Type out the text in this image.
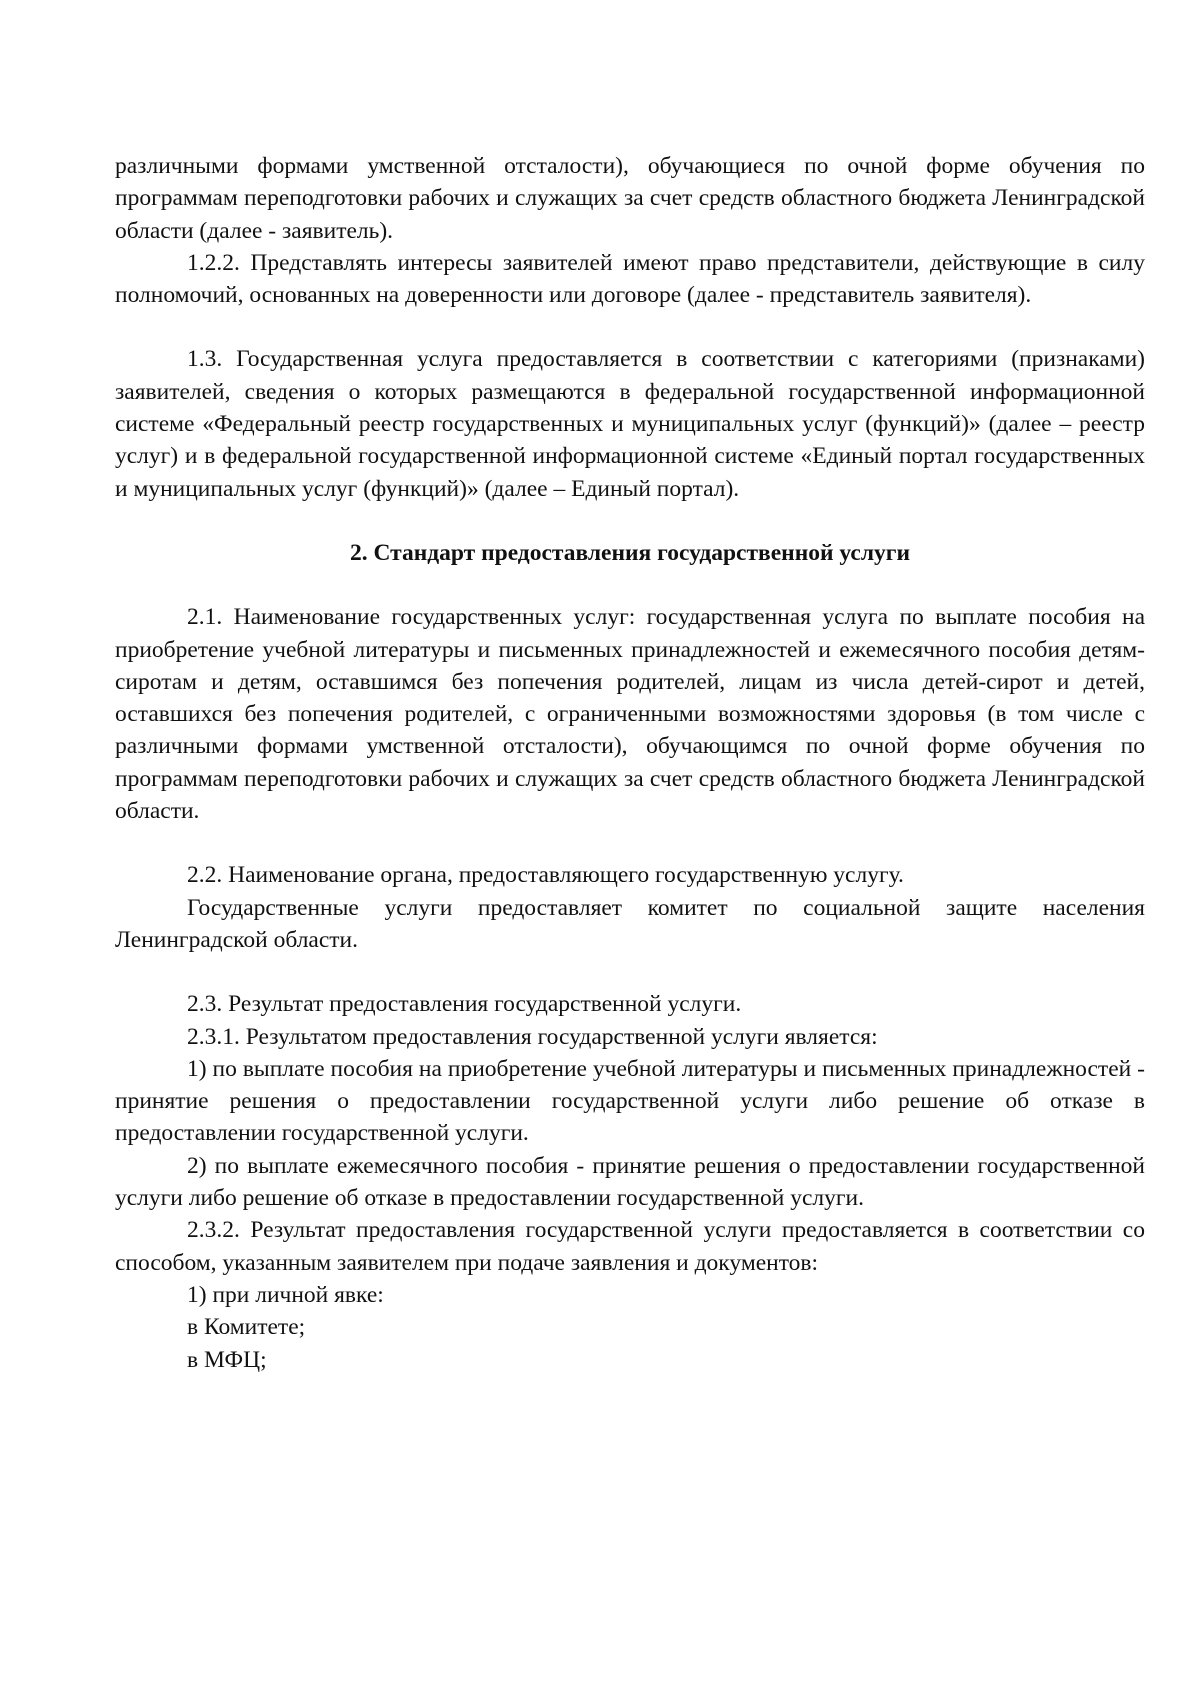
различными формами умственной отсталости), обучающиеся по очной форме обучения по программам переподготовки рабочих и служащих за счет средств областного бюджета Ленинградской области (далее - заявитель).

1.2.2. Представлять интересы заявителей имеют право представители, действующие в силу полномочий, основанных на доверенности или договоре (далее - представитель заявителя).

1.3. Государственная услуга предоставляется в соответствии с категориями (признаками) заявителей, сведения о которых размещаются в федеральной государственной информационной системе «Федеральный реестр государственных и муниципальных услуг (функций)» (далее – реестр услуг) и в федеральной государственной информационной системе «Единый портал государственных и муниципальных услуг (функций)» (далее – Единый портал).

2. Стандарт предоставления государственной услуги

2.1. Наименование государственных услуг: государственная услуга по выплате пособия на приобретение учебной литературы и письменных принадлежностей и ежемесячного пособия детям-сиротам и детям, оставшимся без попечения родителей, лицам из числа детей-сирот и детей, оставшихся без попечения родителей, с ограниченными возможностями здоровья (в том числе с различными формами умственной отсталости), обучающимся по очной форме обучения по программам переподготовки рабочих и служащих за счет средств областного бюджета Ленинградской области.

2.2. Наименование органа, предоставляющего государственную услугу.

Государственные услуги предоставляет комитет по социальной защите населения Ленинградской области.

2.3. Результат предоставления государственной услуги.

2.3.1. Результатом предоставления государственной услуги является:

1) по выплате пособия на приобретение учебной литературы и письменных принадлежностей - принятие решения о предоставлении государственной услуги либо решение об отказе в предоставлении государственной услуги.

2) по выплате ежемесячного пособия - принятие решения о предоставлении государственной услуги либо решение об отказе в предоставлении государственной услуги.

2.3.2. Результат предоставления государственной услуги предоставляется в соответствии со способом, указанным заявителем при подаче заявления и документов:

1) при личной явке:

в Комитете;

в МФЦ;
